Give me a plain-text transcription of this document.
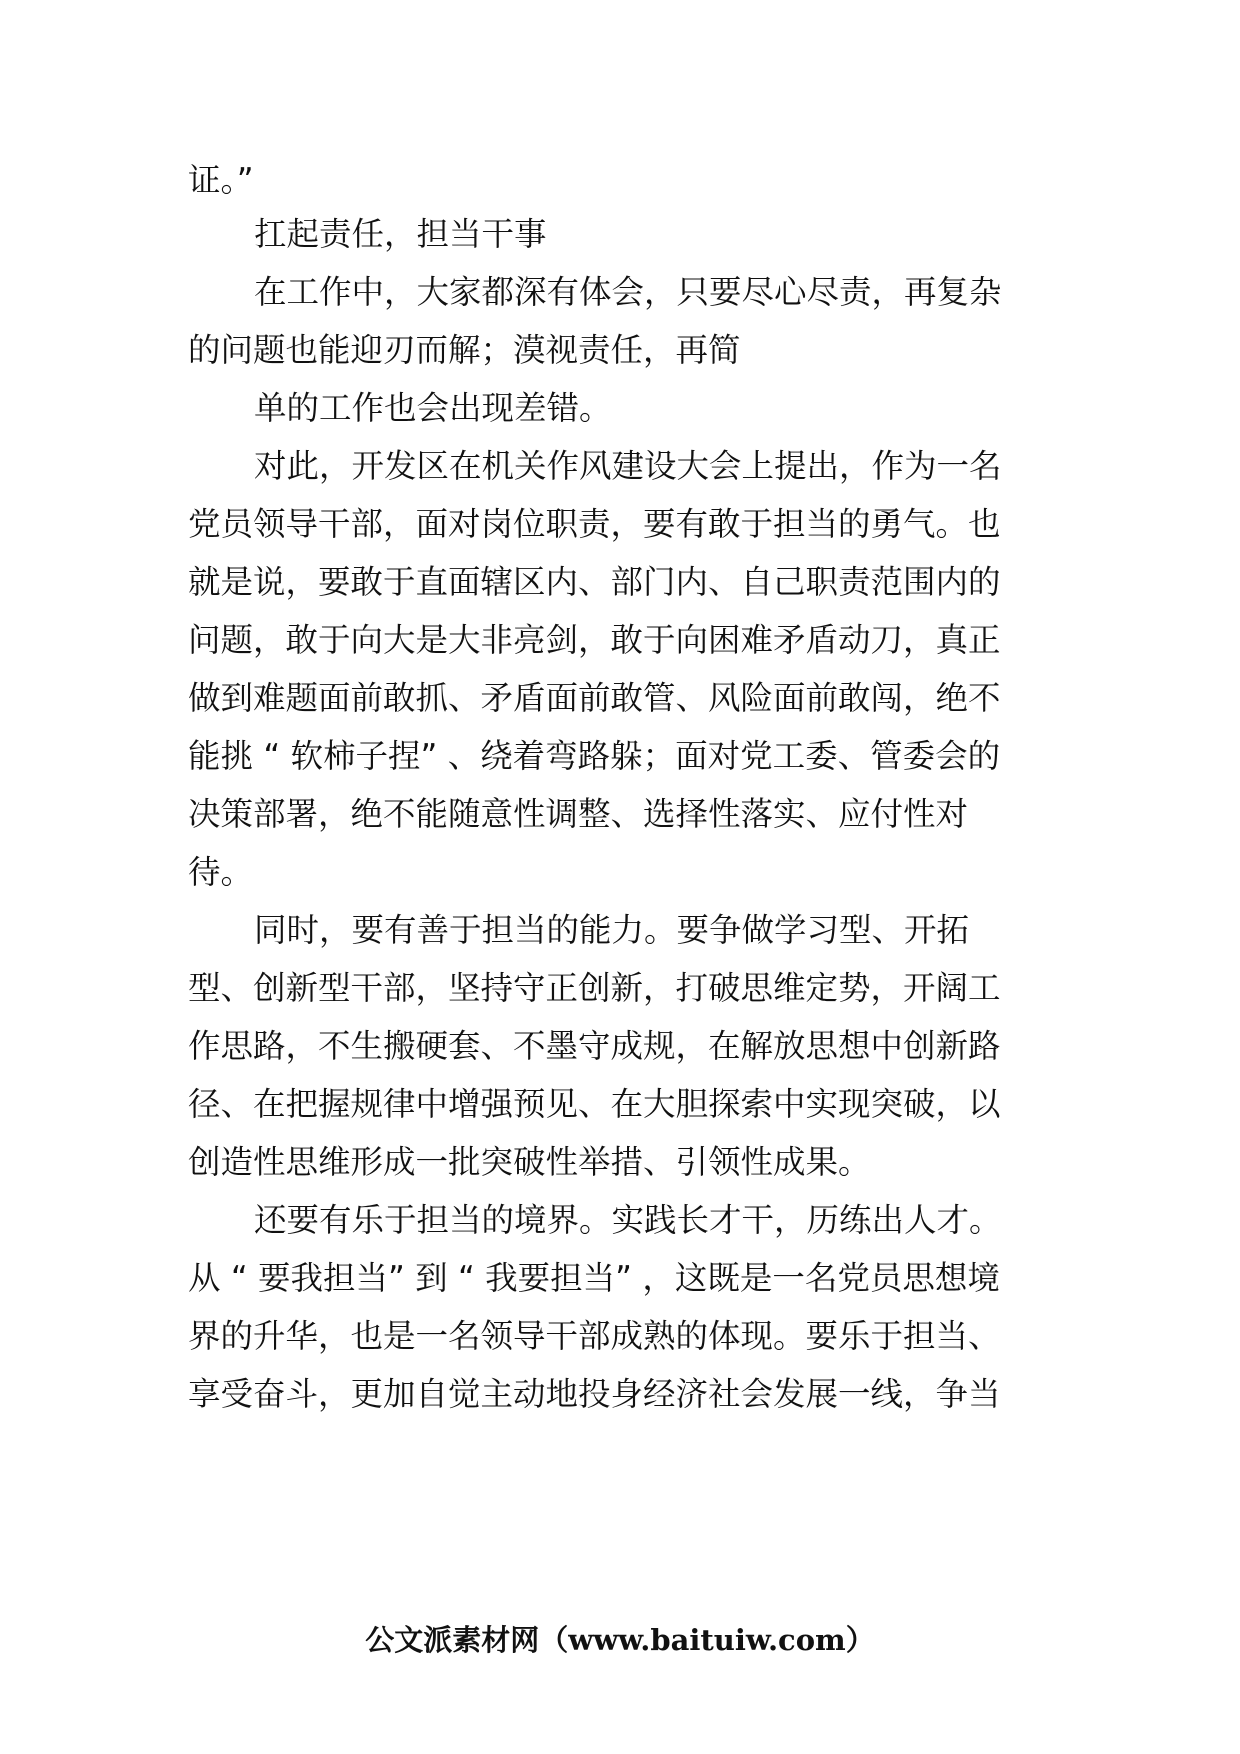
证。”
扛起责任，担当干事
在工作中，大家都深有体会，只要尽心尽责，再复杂
的问题也能迎刃而解；漠视责任，再简
单的工作也会出现差错。
对此，开发区在机关作风建设大会上提出，作为一名
党员领导干部，面对岗位职责，要有敢于担当的勇气。也
就是说，要敢于直面辖区内、部门内、自己职责范围内的
问题，敢于向大是大非亮剑，敢于向困难矛盾动刀，真正
做到难题面前敢抓、矛盾面前敢管、风险面前敢闯，绝不
能挑 “ 软柿子捏” 、绕着弯路躲；面对党工委、管委会的
决策部署，绝不能随意性调整、选择性落实、应付性对
待。
同时，要有善于担当的能力。要争做学习型、开拓
型、创新型干部，坚持守正创新，打破思维定势，开阔工
作思路，不生搬硬套、不墨守成规，在解放思想中创新路
径、在把握规律中增强预见、在大胆探索中实现突破，以
创造性思维形成一批突破性举措、引领性成果。
还要有乐于担当的境界。实践长才干，历练出人才。
从 “ 要我担当” 到 “ 我要担当” ，这既是一名党员思想境
界的升华，也是一名领导干部成熟的体现。要乐于担当、
享受奋斗，更加自觉主动地投身经济社会发展一线，争当
公文派素材网（www.baituiw.com）
